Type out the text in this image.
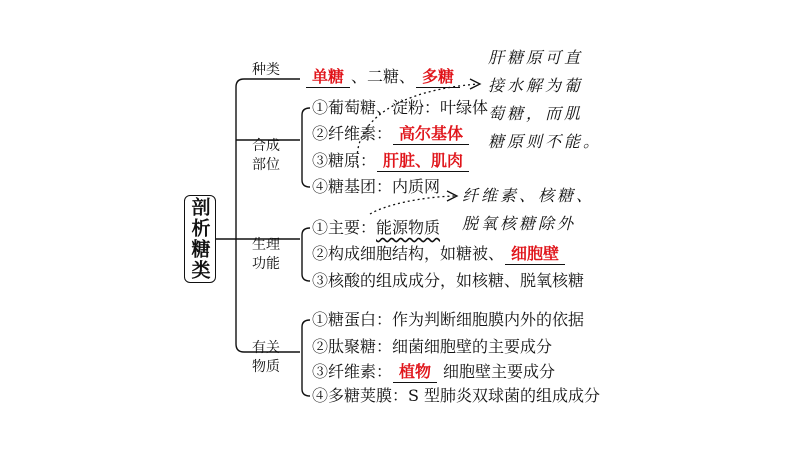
剖析糖类
种类
合成
部位
生理
功能
有关
物质
单糖 、二糖、 多糖
①葡萄糖、淀粉：叶绿体
②纤维素： 高尔基体
③糖原： 肝脏、肌肉
④糖基团：内质网
①主要：能源物质
②构成细胞结构，如糖被、 细胞壁
③核酸的组成成分，如核糖、脱氧核糖
①糖蛋白：作为判断细胞膜内外的依据
②肽聚糖：细菌细胞壁的主要成分
③纤维素： 植物 细胞壁主要成分
④多糖荚膜：S 型肺炎双球菌的组成成分
肝糖原可直
接水解为葡
萄糖，而肌
糖原则不能。
纤维素、核糖、
脱氧核糖除外
